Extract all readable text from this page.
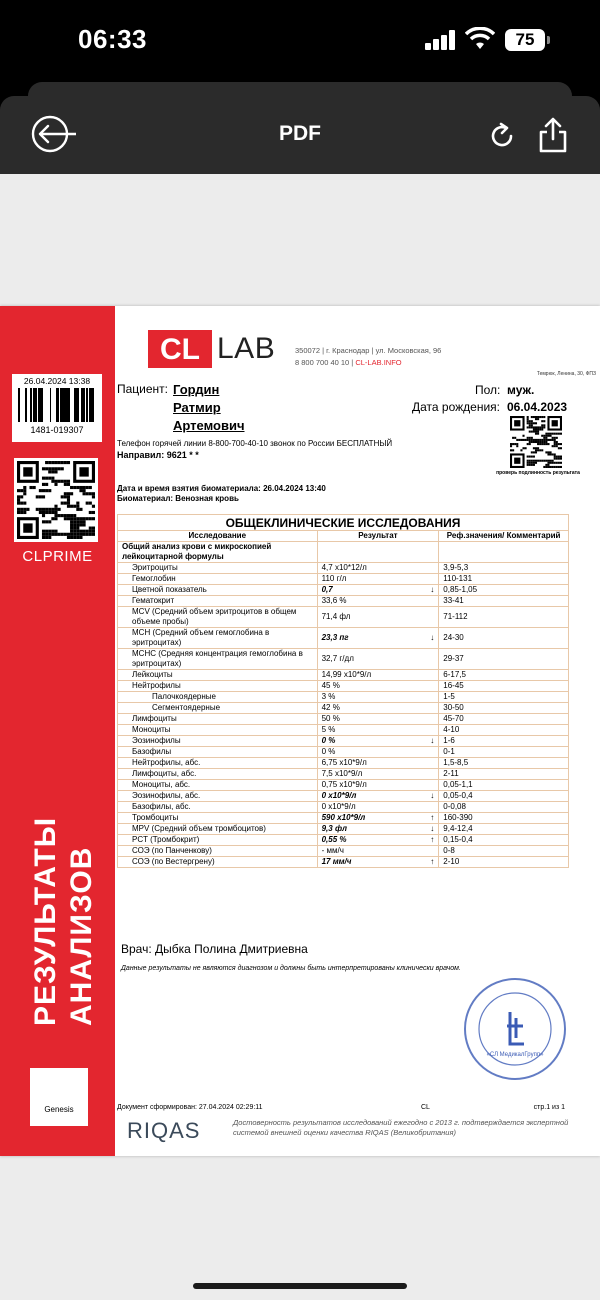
06:33	75
PDF
26.04.2024 13:38
1481-019307
CLPRIME
РЕЗУЛЬТАТЫ АНАЛИЗОВ
Genesis
CL LAB	350072 | г. Краснодар | ул. Московская, 96
8 800 700 40 10 | CL-LAB.INFO
Темрюк, Ленина, 30, ФПЗ
Пациент: Гордин
Ратмир
Артемович
Пол: муж.
Дата рождения: 06.04.2023
проверь подлинность результата
Телефон горячей линии 8-800-700-40-10 звонок по России БЕСПЛАТНЫЙ
Направил: 9621 * *
Дата и время взятия биоматериала: 26.04.2024 13:40
Биоматериал: Венозная кровь
ОБЩЕКЛИНИЧЕСКИЕ ИССЛЕДОВАНИЯ		
Исследование	Результат	Реф.значения/ Комментарий
Общий анализ крови с микроскопией лейкоцитарной формулы		
Эритроциты	4,7 x10*12/л	3,9-5,3
Гемоглобин	110 г/л	110-131
Цветной показатель	0,7 ↓	0,85-1,05
Гематокрит	33,6 %	33-41
MCV (Средний объем эритроцитов в общем объеме пробы)	71,4 фл	71-112
MCH (Средний объем гемоглобина в эритроцитах)	23,3 пг ↓	24-30
MCHC (Средняя концентрация гемоглобина в эритроцитах)	32,7 г/дл	29-37
Лейкоциты	14,99 x10*9/л	6-17,5
Нейтрофилы	45 %	16-45
Палочкоядерные	3 %	1-5
Сегментоядерные	42 %	30-50
Лимфоциты	50 %	45-70
Моноциты	5 %	4-10
Эозинофилы	0 % ↓	1-6
Базофилы	0 %	0-1
Нейтрофилы, абс.	6,75 x10*9/л	1,5-8,5
Лимфоциты, абс.	7,5 x10*9/л	2-11
Моноциты, абс.	0,75 x10*9/л	0,05-1,1
Эозинофилы, абс.	0 x10*9/л ↓	0,05-0,4
Базофилы, абс.	0 x10*9/л	0-0,08
Тромбоциты	590 x10*9/л ↑	160-390
MPV (Средний объем тромбоцитов)	9,3 фл ↓	9,4-12,4
PCT (Тромбокрит)	0,55 % ↑	0,15-0,4
СОЭ (по Панченкову)	- мм/ч	0-8
СОЭ (по Вестергрену)	17 мм/ч ↑	2-10
Врач: Дыбка Полина Дмитриевна
Данные результаты не являются диагнозом и должны быть интерпретированы клинически врачом.
«СЛ МедикалГрупп»
Документ сформирован: 27.04.2024 02:29:11	CL	стр.1 из 1
RIQAS	Достоверность результатов исследований ежегодно с 2013 г. подтверждается экспертной системой внешней оценки качества RIQAS (Великобритания)
